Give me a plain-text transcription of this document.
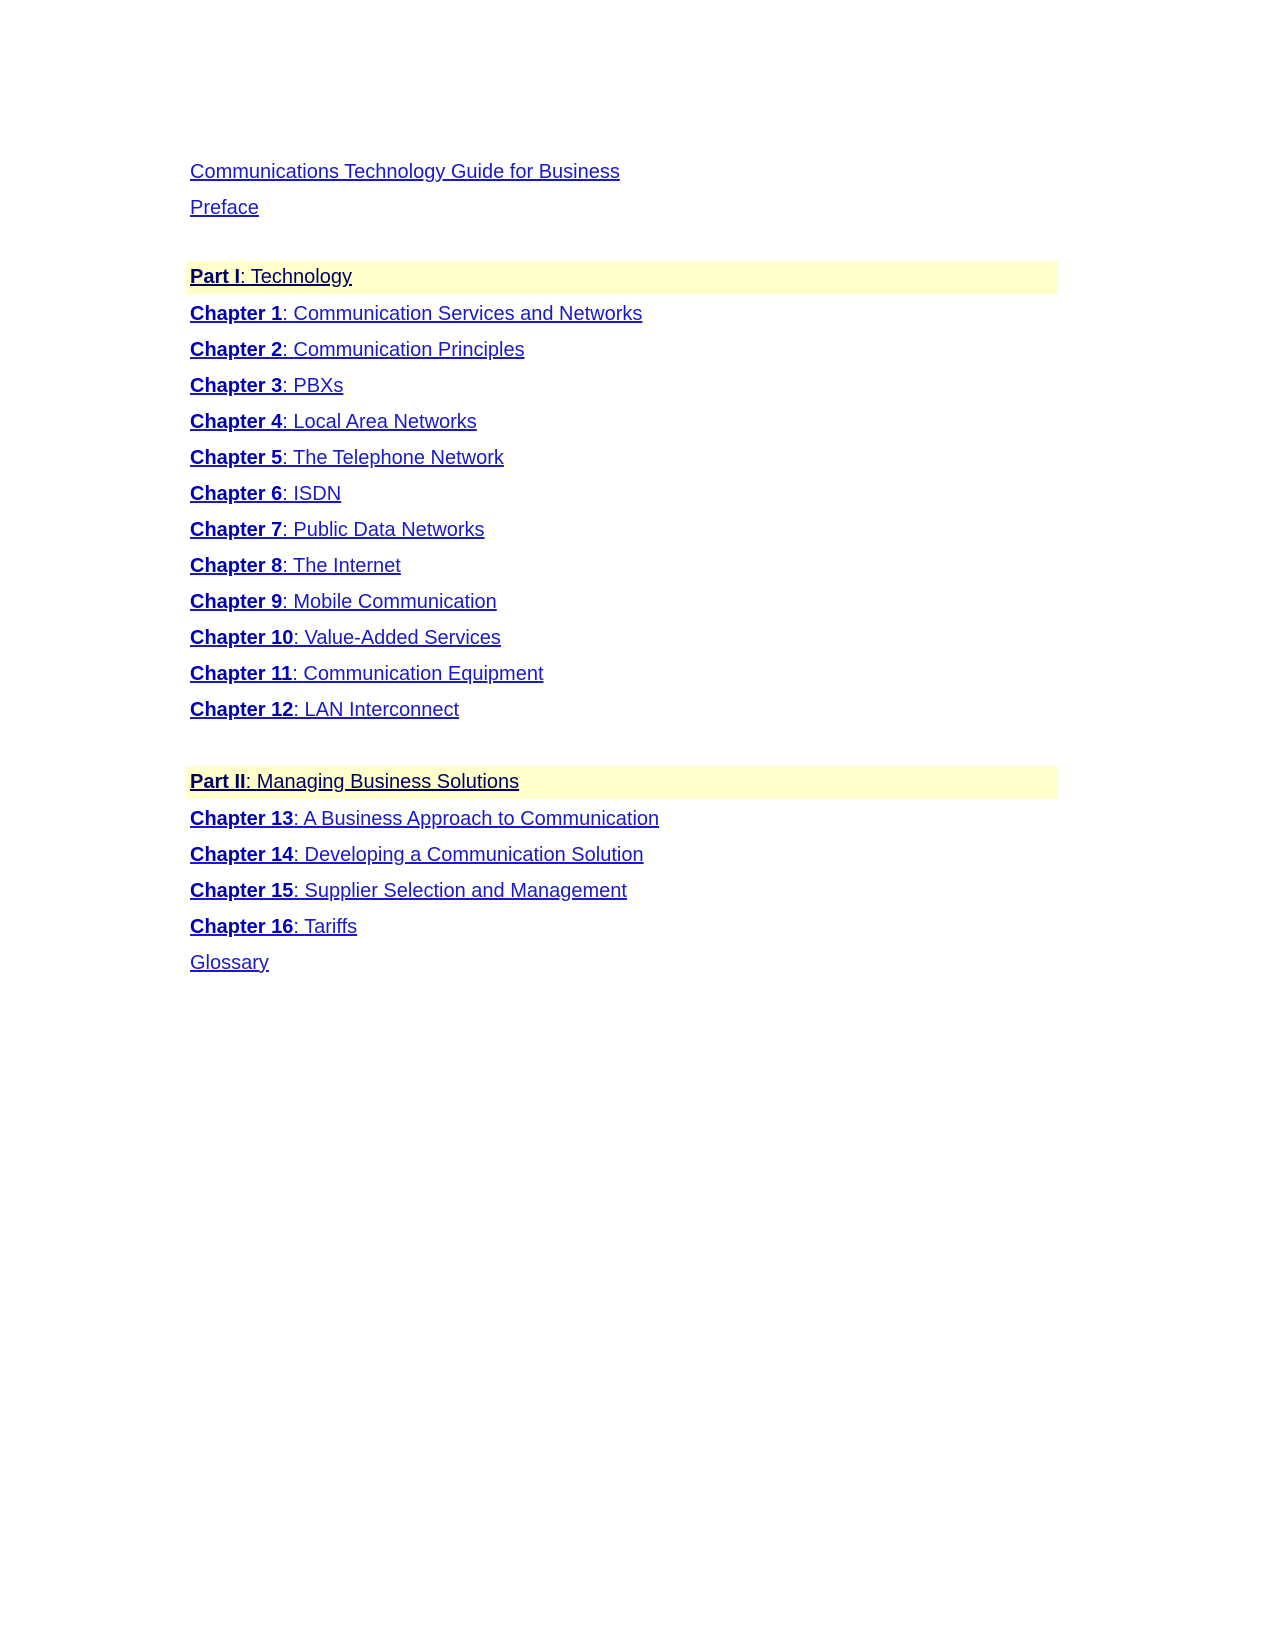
Communications Technology Guide for Business
Preface
Part I: Technology
Chapter 1: Communication Services and Networks
Chapter 2: Communication Principles
Chapter 3: PBXs
Chapter 4: Local Area Networks
Chapter 5: The Telephone Network
Chapter 6: ISDN
Chapter 7: Public Data Networks
Chapter 8: The Internet
Chapter 9: Mobile Communication
Chapter 10: Value-Added Services
Chapter 11: Communication Equipment
Chapter 12: LAN Interconnect
Part II: Managing Business Solutions
Chapter 13: A Business Approach to Communication
Chapter 14: Developing a Communication Solution
Chapter 15: Supplier Selection and Management
Chapter 16: Tariffs
Glossary
